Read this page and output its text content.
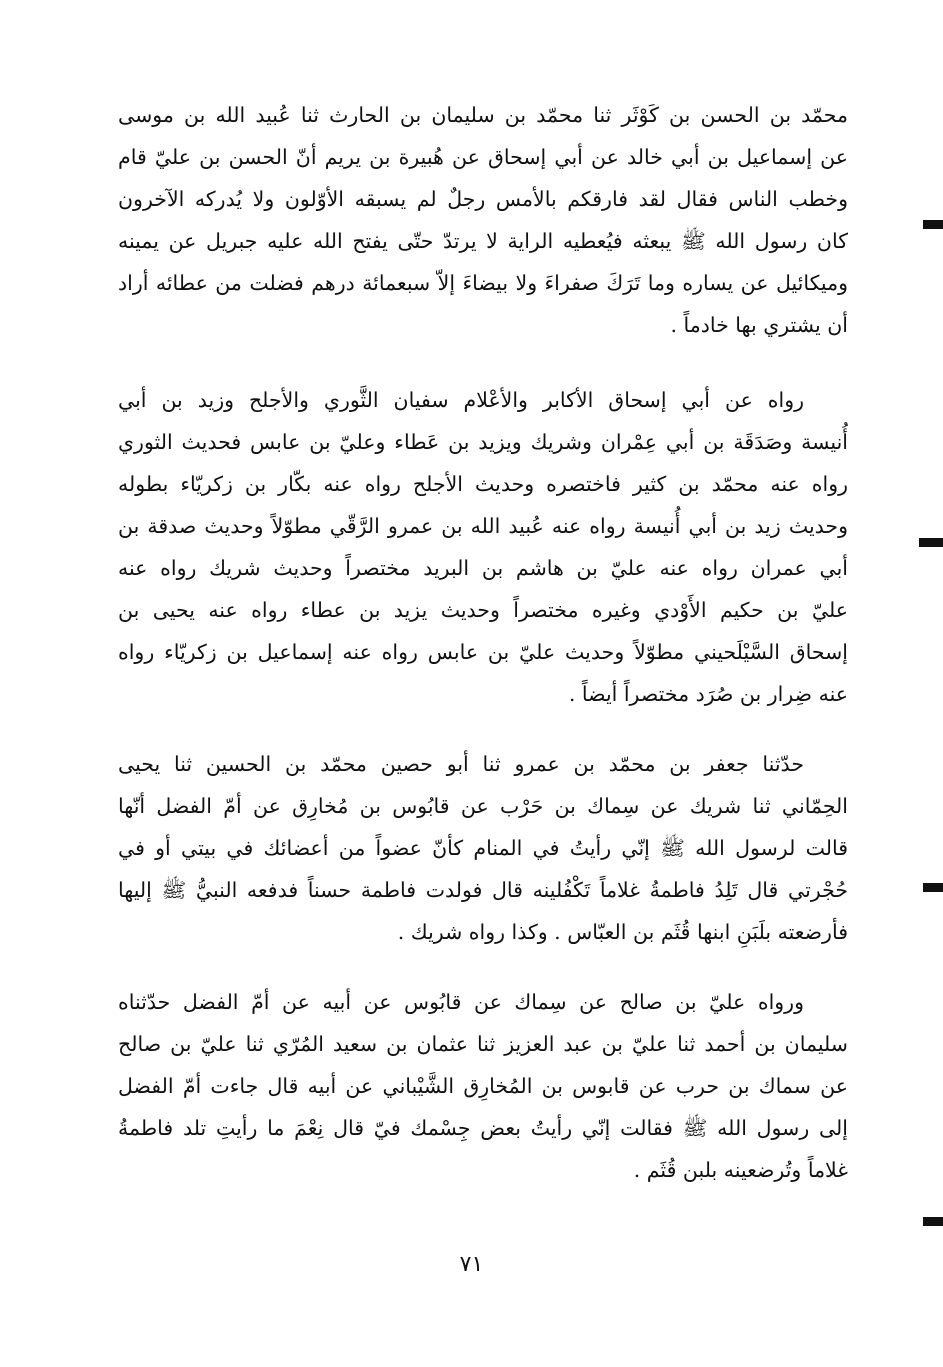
محمّد بن الحسن بن كَوْثَر ثنا محمّد بن سليمان بن الحارث ثنا عُبيد الله بن موسى
عن إسماعيل بن أبي خالد عن أبي إسحاق عن هُبيرة بن يريم أنّ الحسن بن عليّ قام
وخطب الناس فقال لقد فارقكم بالأمس رجلٌ لم يسبقه الأوّلون ولا يُدركه الآخرون
كان رسول الله ﷺ يبعثه فيُعطيه الراية لا يرتدّ حتّى يفتح الله عليه جبريل عن يمينه
وميكائيل عن يساره وما تَرَكَ صفراءَ ولا بيضاءَ إلاّ سبعمائة درهم فضلت من عطائه أراد
أن يشتري بها خادماً .
رواه عن أبي إسحاق الأكابر والأعْلام سفيان الثَّوري والأجلح وزيد بن أبي
أُنيسة وصَدَقَة بن أبي عِمْران وشريك ويزيد بن عَطاء وعليّ بن عابس فحديث الثوري
رواه عنه محمّد بن كثير فاختصره وحديث الأجلح رواه عنه بكّار بن زكريّاء بطوله
وحديث زيد بن أبي أُنيسة رواه عنه عُبيد الله بن عمرو الرَّقّي مطوّلاً وحديث صدقة بن
أبي عمران رواه عنه عليّ بن هاشم بن البريد مختصراً وحديث شريك رواه عنه
عليّ بن حكيم الأَوْدي وغيره مختصراً وحديث يزيد بن عطاء رواه عنه يحيى بن
إسحاق السَّيْلَحيني مطوّلاً وحديث عليّ بن عابس رواه عنه إسماعيل بن زكريّاء رواه
عنه ضِرار بن صُرَد مختصراً أيضاً .
حدّثنا جعفر بن محمّد بن عمرو ثنا أبو حصين محمّد بن الحسين ثنا يحيى
الحِمّاني ثنا شريك عن سِماك بن حَرْب عن قابُوس بن مُخارِق عن أمّ الفضل أنّها
قالت لرسول الله ﷺ إنّي رأيتُ في المنام كأنّ عضواً من أعضائك في بيتي أو في
حُجْرتي قال تَلِدُ فاطمةُ غلاماً تَكْفُلينه قال فولدت فاطمة حسناً فدفعه النبيُّ ﷺ إليها
فأرضعته بلَبَنِ ابنها قُثَم بن العبّاس . وكذا رواه شريك .
ورواه عليّ بن صالح عن سِماك عن قابُوس عن أبيه عن أمّ الفضل حدّثناه
سليمان بن أحمد ثنا عليّ بن عبد العزيز ثنا عثمان بن سعيد المُرّي ثنا عليّ بن صالح
عن سماك بن حرب عن قابوس بن المُخارِق الشَّيْباني عن أبيه قال جاءت أمّ الفضل
إلى رسول الله ﷺ فقالت إنّي رأيتُ بعض جِسْمك فيّ قال نِعْمَ ما رأيتِ تلد فاطمةُ
غلاماً وتُرضعينه بلبن قُثَم .
٧١
